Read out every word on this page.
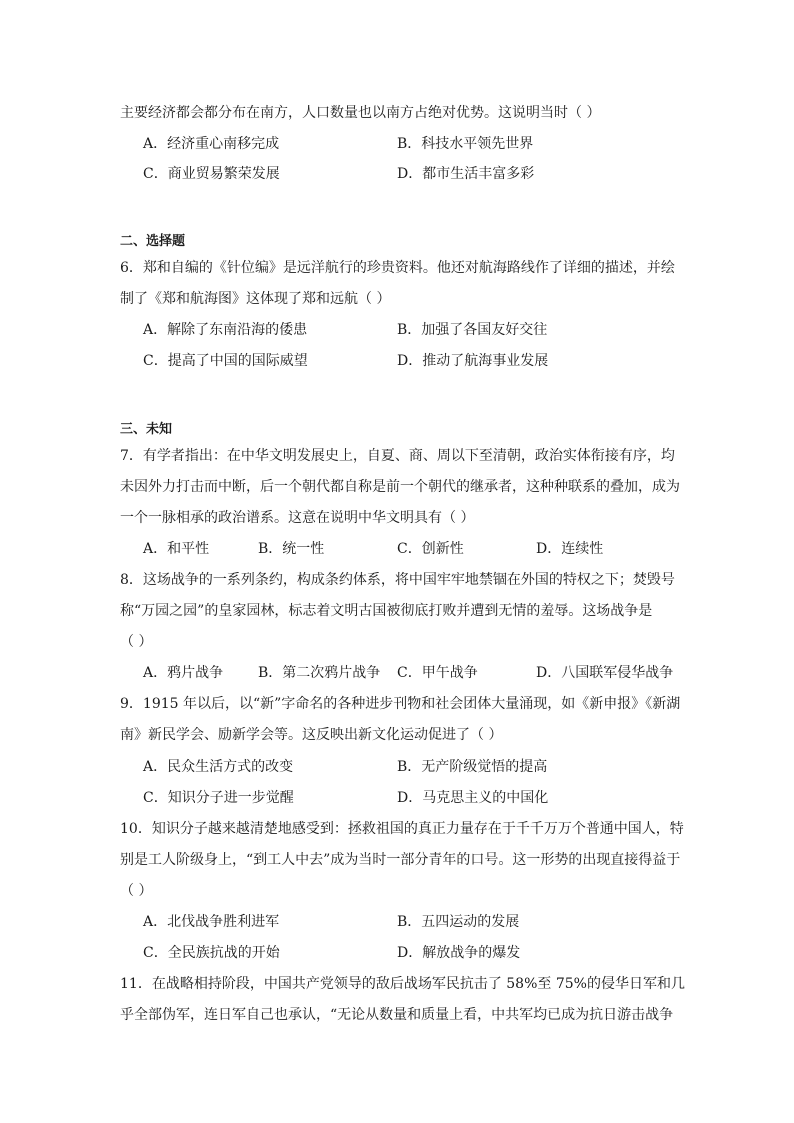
主要经济都会都分布在南方，人口数量也以南方占绝对优势。这说明当时（ ）
A．经济重心南移完成	B．科技水平领先世界
C．商业贸易繁荣发展	D．都市生活丰富多彩
二、选择题
6．郑和自编的《针位编》是远洋航行的珍贵资料。他还对航海路线作了详细的描述，并绘
制了《郑和航海图》这体现了郑和远航（ ）
A．解除了东南沿海的倭患	B．加强了各国友好交往
C．提高了中国的国际威望	D．推动了航海事业发展
三、未知
7．有学者指出：在中华文明发展史上，自夏、商、周以下至清朝，政治实体衔接有序，均
未因外力打击而中断，后一个朝代都自称是前一个朝代的继承者，这种种联系的叠加，成为
一个一脉相承的政治谱系。这意在说明中华文明具有（ ）
A．和平性	B．统一性	C．创新性	D．连续性
8．这场战争的一系列条约，构成条约体系，将中国牢牢地禁锢在外国的特权之下；焚毁号
称“万园之园”的皇家园林，标志着文明古国被彻底打败并遭到无情的羞辱。这场战争是
（ ）
A．鸦片战争 B．第二次鸦片战争 C．甲午战争	D．八国联军侵华战争
9．1915 年以后，以“新”字命名的各种进步刊物和社会团体大量涌现，如《新申报》《新湖
南》新民学会、励新学会等。这反映出新文化运动促进了（ ）
A．民众生活方式的改变	B．无产阶级觉悟的提高
C．知识分子进一步觉醒	D．马克思主义的中国化
10．知识分子越来越清楚地感受到：拯救祖国的真正力量存在于千千万万个普通中国人，特
别是工人阶级身上，“到工人中去”成为当时一部分青年的口号。这一形势的出现直接得益于
（ ）
A．北伐战争胜利进军	B．五四运动的发展
C．全民族抗战的开始	D．解放战争的爆发
11．在战略相持阶段，中国共产党领导的敌后战场军民抗击了 58%至 75%的侵华日军和几
乎全部伪军，连日军自己也承认，“无论从数量和质量上看，中共军均已成为抗日游击战争
